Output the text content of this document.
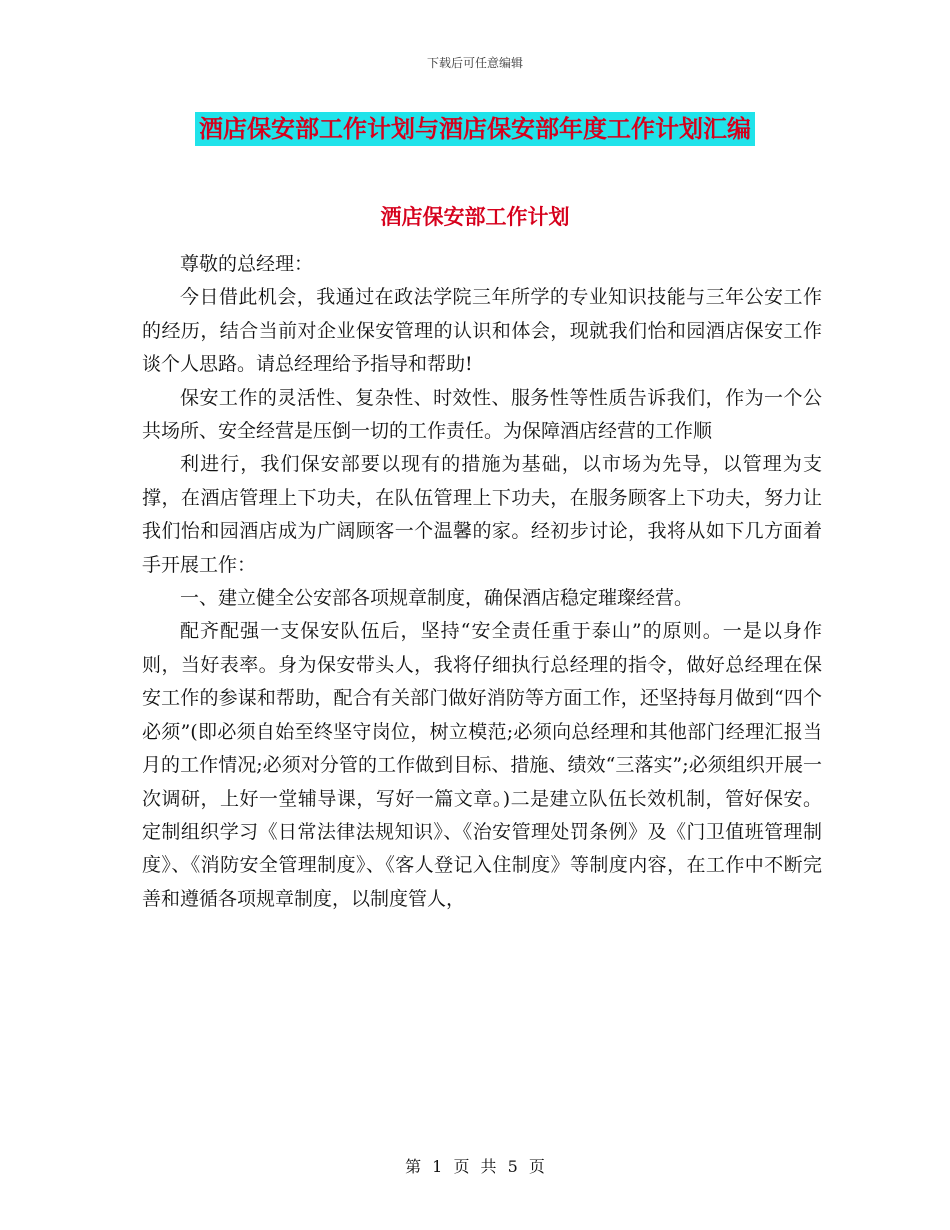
下载后可任意编辑
酒店保安部工作计划与酒店保安部年度工作计划汇编
酒店保安部工作计划

尊敬的总经理：

今日借此机会，我通过在政法学院三年所学的专业知识技能与三年公安工作的经历，结合当前对企业保安管理的认识和体会，现就我们怡和园酒店保安工作谈个人思路。请总经理给予指导和帮助!

保安工作的灵活性、复杂性、时效性、服务性等性质告诉我们，作为一个公共场所、安全经营是压倒一切的工作责任。为保障酒店经营的工作顺

利进行，我们保安部要以现有的措施为基础，以市场为先导，以管理为支撑，在酒店管理上下功夫，在队伍管理上下功夫，在服务顾客上下功夫，努力让我们怡和园酒店成为广阔顾客一个温馨的家。经初步讨论，我将从如下几方面着手开展工作：

一、建立健全公安部各项规章制度，确保酒店稳定璀璨经营。

配齐配强一支保安队伍后，坚持“安全责任重于泰山”的原则。一是以身作则，当好表率。身为保安带头人，我将仔细执行总经理的指令，做好总经理在保安工作的参谋和帮助，配合有关部门做好消防等方面工作，还坚持每月做到“四个必须”(即必须自始至终坚守岗位，树立模范;必须向总经理和其他部门经理汇报当月的工作情况;必须对分管的工作做到目标、措施、绩效“三落实”;必须组织开展一次调研，上好一堂辅导课，写好一篇文章。)二是建立队伍长效机制，管好保安。定制组织学习《日常法律法规知识》、《治安管理处罚条例》及《门卫值班管理制度》、《消防安全管理制度》、《客人登记入住制度》等制度内容，在工作中不断完善和遵循各项规章制度，以制度管人，

第 1 页 共 5 页
